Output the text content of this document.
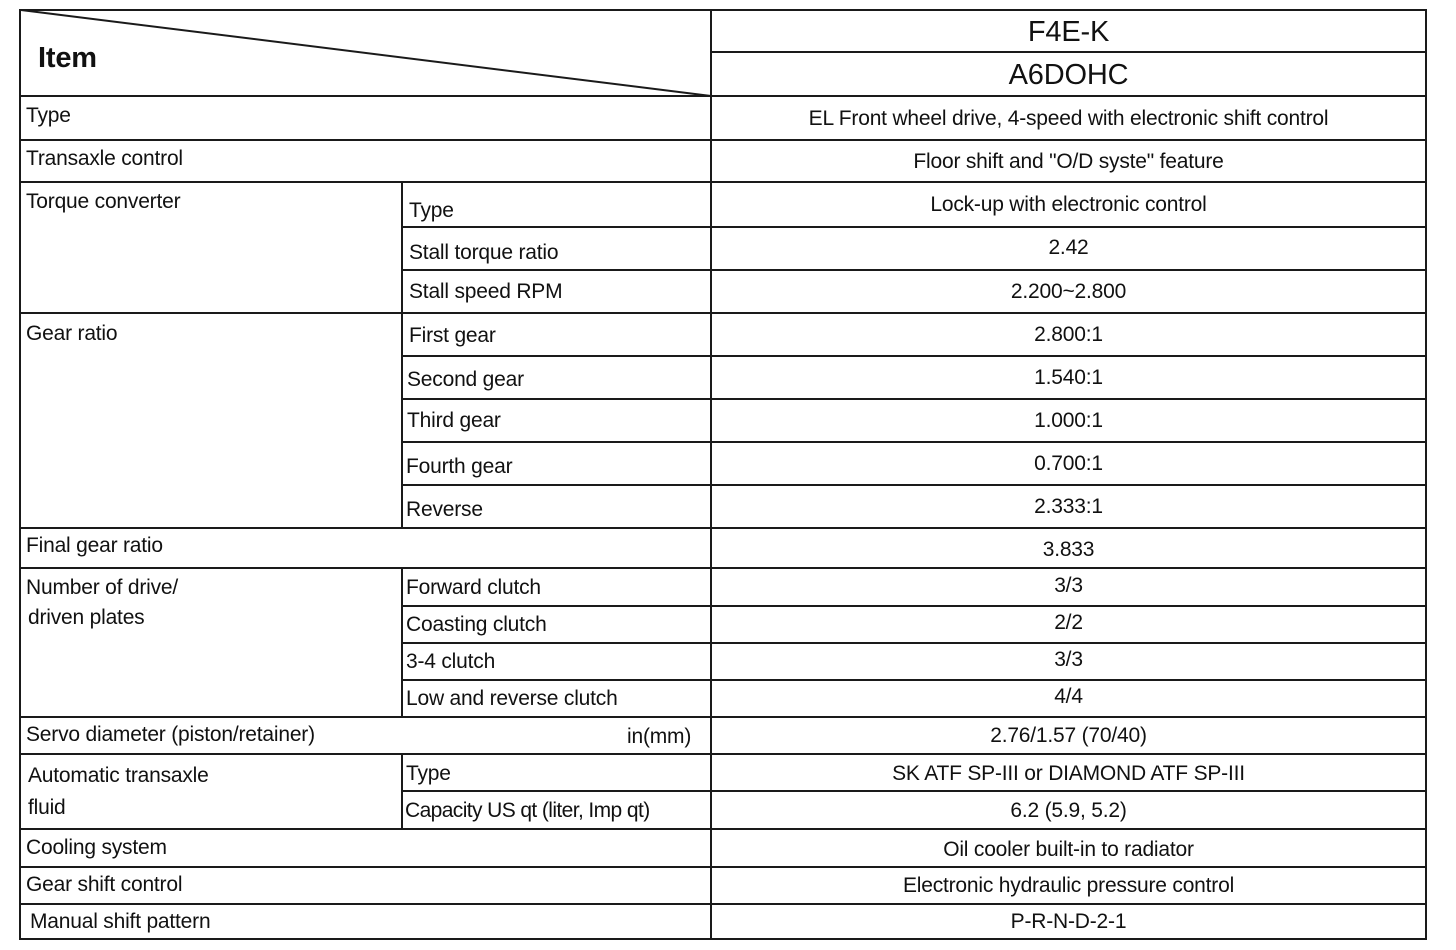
Item
F4E-K
A6DOHC
Type	EL Front wheel drive, 4-speed with electronic shift control
Transaxle control	Floor shift and "O/D syste" feature
Torque converter	Type	Lock-up with electronic control
Stall torque ratio	2.42
Stall speed RPM	2.200~2.800
Gear ratio	First gear	2.800:1
Second gear	1.540:1
Third gear	1.000:1
Fourth gear	0.700:1
Reverse	2.333:1
Final gear ratio	3.833
Number of drive/
driven plates
Forward clutch	3/3
Coasting clutch	2/2
3-4 clutch	3/3
Low and reverse clutch	4/4
Servo diameter (piston/retainer)	in(mm)	2.76/1.57 (70/40)
Automatic transaxle
fluid
Type	SK ATF SP-III or DIAMOND ATF SP-III
Capacity US qt (liter, Imp qt)	6.2 (5.9, 5.2)
Cooling system	Oil cooler built-in to radiator
Gear shift control	Electronic hydraulic pressure control
Manual shift pattern	P-R-N-D-2-1
